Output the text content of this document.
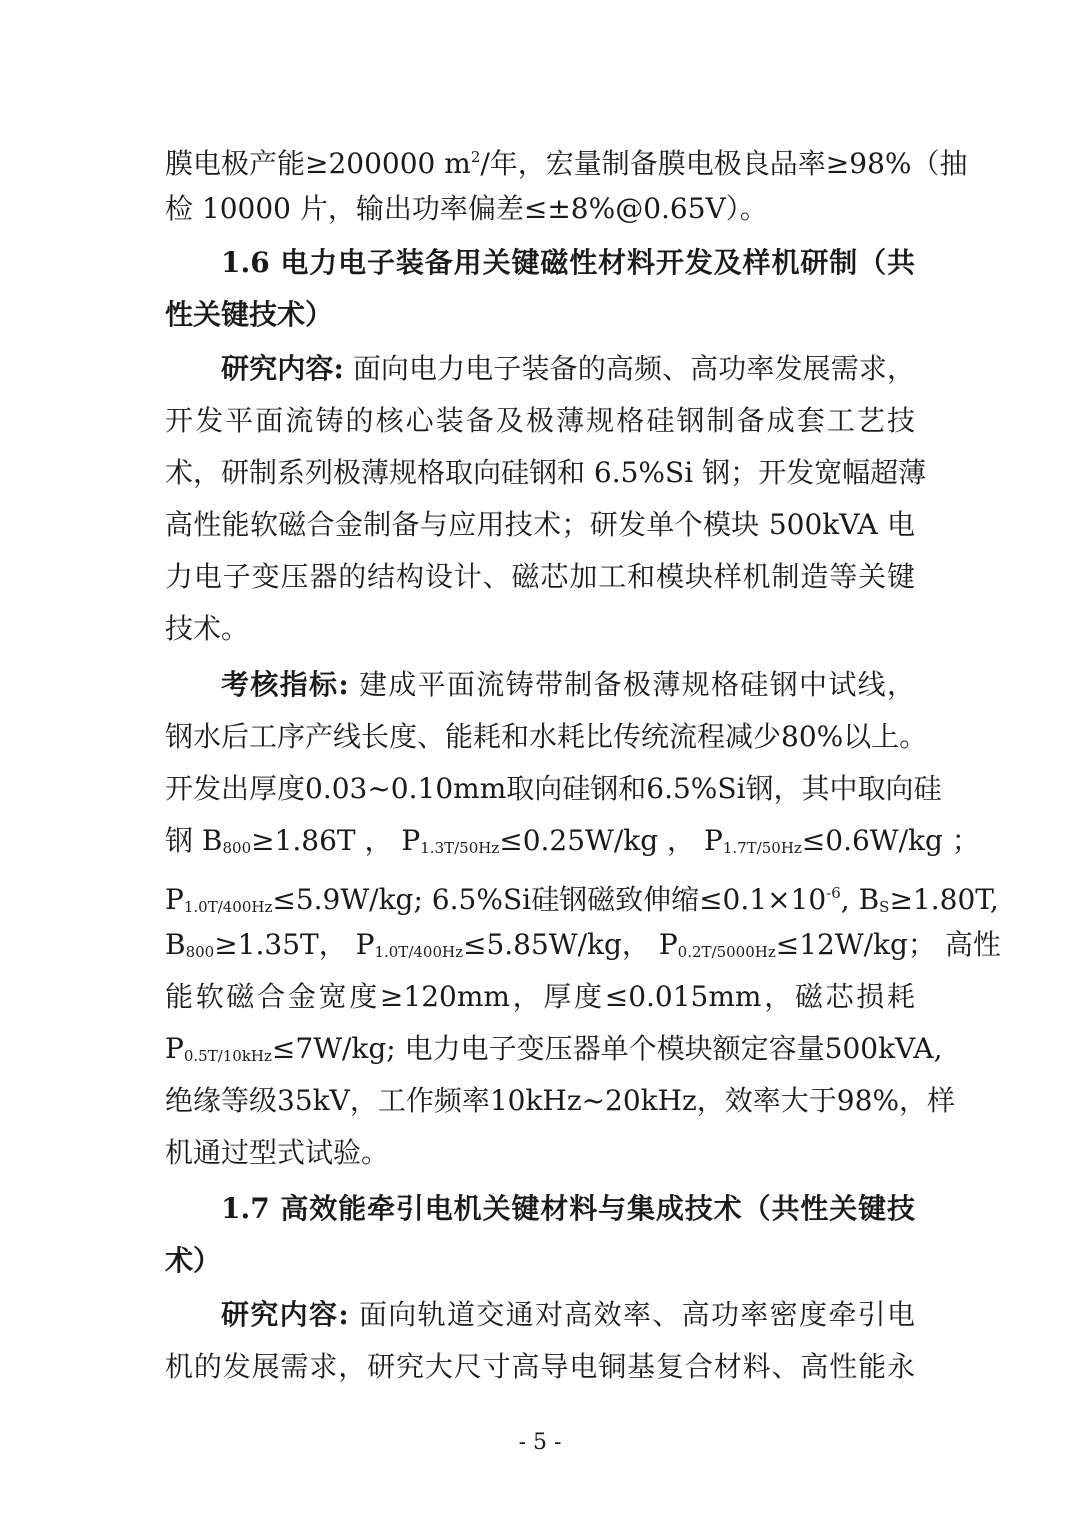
膜电极产能≥200000 $m^2/$年，宏量制备膜电极良品率≥98%（抽
检 10000 片，输出功率偏差≤±8%@0.65V）。
1.6 电力电子装备用关键磁性材料开发及样机研制（共
性关键技术）
研究内容: 面向电力电子装备的高频、高功率发展需求，
开发平面流铸的核心装备及极薄规格硅钢制备成套工艺技
术，研制系列极薄规格取向硅钢和 6.5%Si 钢；开发宽幅超薄
高性能软磁合金制备与应用技术；研发单个模块 500kVA 电
力电子变压器的结构设计、磁芯加工和模块样机制造等关键
技术。
考核指标: 建成平面流铸带制备极薄规格硅钢中试线，
钢水后工序产线长度、能耗和水耗比传统流程减少80%以上。
开发出厚度0.03~0.10mm取向硅钢和6.5%Si钢，其中取向硅
钢 $B_{800}\ge 1.86T$ ， $P_{1.3T/50Hz}\le 0.25W/kg$ ， $P_{1.7T/50Hz}\le 0.6W/kg$ ；
$P_{1.0T/400Hz}\le 5.9W/kg$; 6.5%Si硅钢磁致伸缩$\le 0.1\times 10^{-6}$, $B_S\ge 1.80T$,
$B_{800}\ge 1.35T$， $P_{1.0T/400Hz}\le 5.85W/kg$， $P_{0.2T/5000Hz}\le 12W/kg$； 高性
能软磁合金宽度≥120mm，厚度≤0.015mm，磁芯损耗
$P_{0.5T/10kHz}\le 7W/kg$; 电力电子变压器单个模块额定容量500kVA,
绝缘等级35kV，工作频率10kHz~20kHz，效率大于98%，样
机通过型式试验。
1.7 高效能牵引电机关键材料与集成技术（共性关键技
术）
研究内容: 面向轨道交通对高效率、高功率密度牵引电
机的发展需求，研究大尺寸高导电铜基复合材料、高性能永
- 5 -
